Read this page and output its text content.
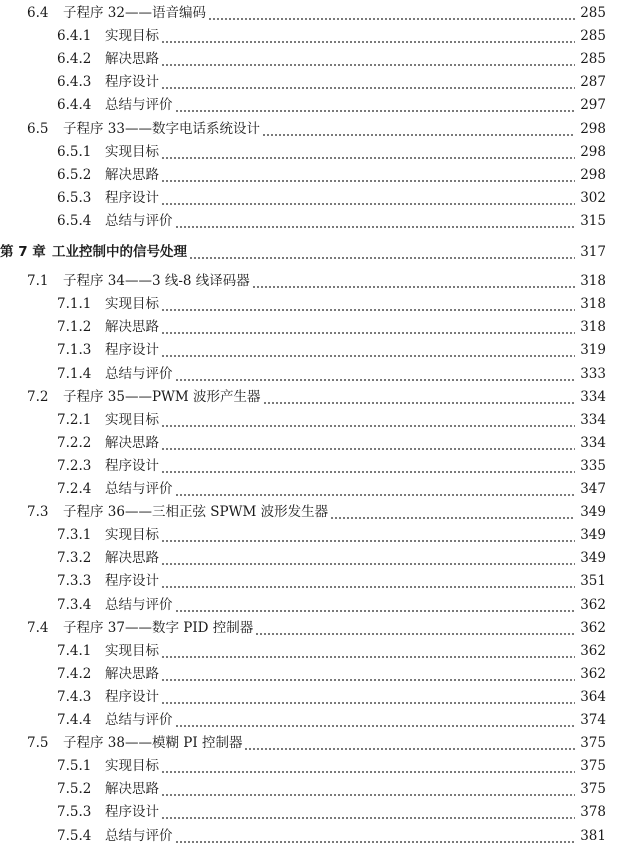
6.4	子程序 32——语音编码	285
6.4.1	实现目标	285
6.4.2	解决思路	285
6.4.3	程序设计	287
6.4.4	总结与评价	297
6.5	子程序 33——数字电话系统设计	298
6.5.1	实现目标	298
6.5.2	解决思路	298
6.5.3	程序设计	302
6.5.4	总结与评价	315
第 7 章 工业控制中的信号处理	317
7.1	子程序 34——3 线-8 线译码器	318
7.1.1	实现目标	318
7.1.2	解决思路	318
7.1.3	程序设计	319
7.1.4	总结与评价	333
7.2	子程序 35——PWM 波形产生器	334
7.2.1	实现目标	334
7.2.2	解决思路	334
7.2.3	程序设计	335
7.2.4	总结与评价	347
7.3	子程序 36——三相正弦 SPWM 波形发生器	349
7.3.1	实现目标	349
7.3.2	解决思路	349
7.3.3	程序设计	351
7.3.4	总结与评价	362
7.4	子程序 37——数字 PID 控制器	362
7.4.1	实现目标	362
7.4.2	解决思路	362
7.4.3	程序设计	364
7.4.4	总结与评价	374
7.5	子程序 38——模糊 PI 控制器	375
7.5.1	实现目标	375
7.5.2	解决思路	375
7.5.3	程序设计	378
7.5.4	总结与评价	381
